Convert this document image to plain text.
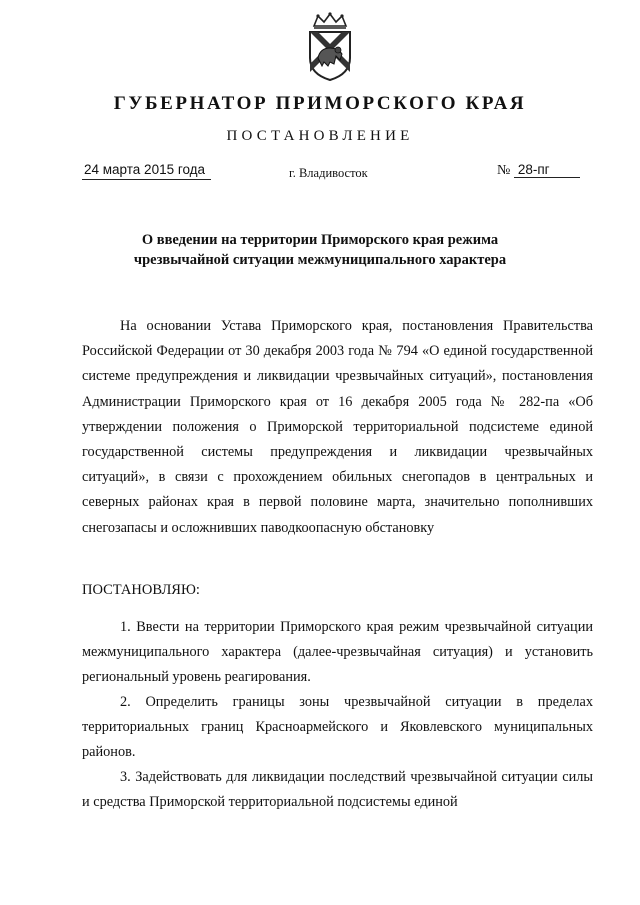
ГУБЕРНАТОР ПРИМОРСКОГО КРАЯ
ПОСТАНОВЛЕНИЕ
24 марта 2015 года	г. Владивосток	№ 28-пг
О введении на территории Приморского края режима
чрезвычайной ситуации межмуниципального характера
На основании Устава Приморского края, постановления Правительства Российской Федерации от 30 декабря 2003 года № 794 «О единой государственной системе предупреждения и ликвидации чрезвычайных ситуаций», постановления Администрации Приморского края от 16 декабря 2005 года № 282-па «Об утверждении положения о Приморской территориальной подсистеме единой государственной системы предупреждения и ликвидации чрезвычайных ситуаций», в связи с прохождением обильных снегопадов в центральных и северных районах края в первой половине марта, значительно пополнивших снегозапасы и осложнивших паводкоопасную обстановку
ПОСТАНОВЛЯЮ:
1. Ввести на территории Приморского края режим чрезвычайной ситуации межмуниципального характера (далее-чрезвычайная ситуация) и установить региональный уровень реагирования.
2. Определить границы зоны чрезвычайной ситуации в пределах территориальных границ Красноармейского и Яковлевского муниципальных районов.
3. Задействовать для ликвидации последствий чрезвычайной ситуации силы и средства Приморской территориальной подсистемы единой
